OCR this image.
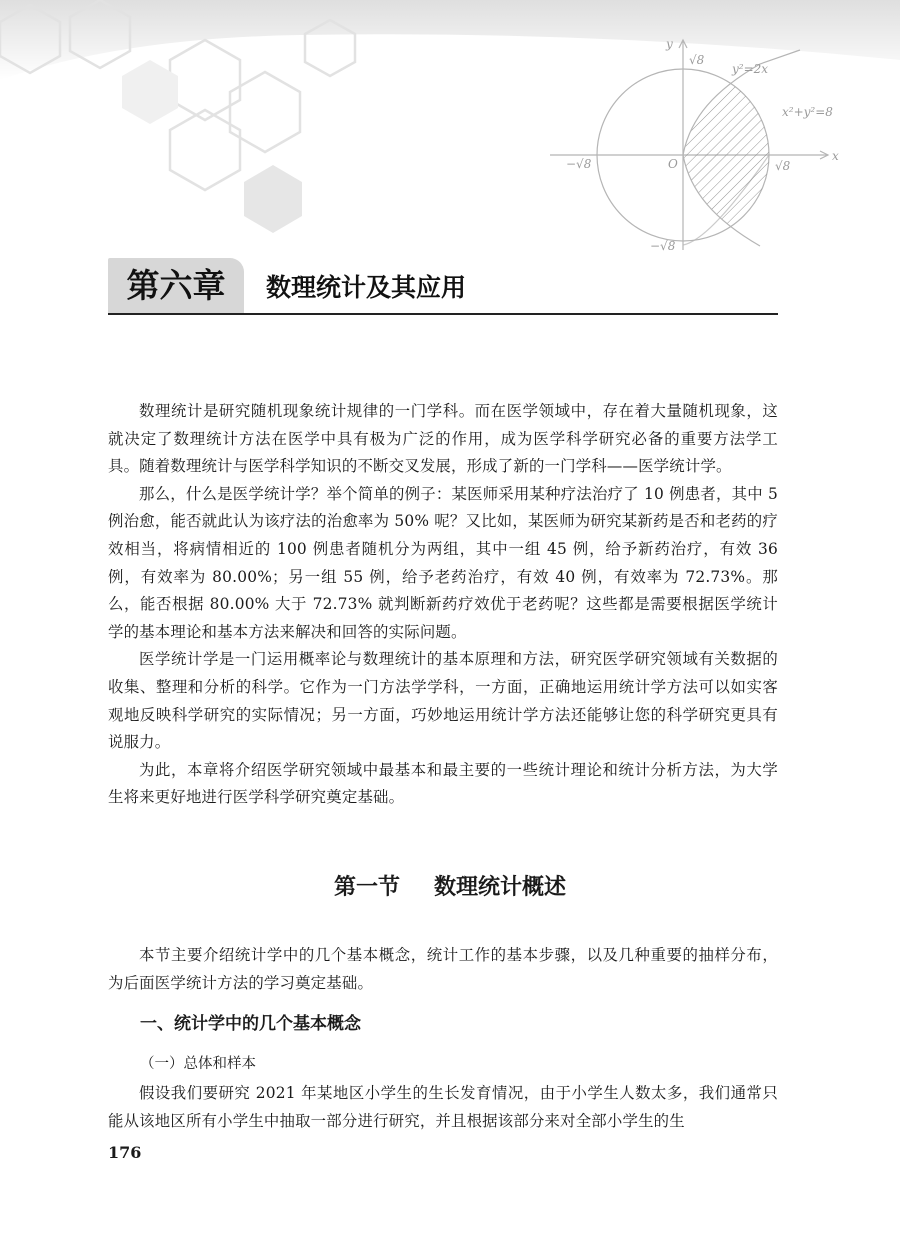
y
√8
y²=2x
x²+y²=8
−√8	O	√8
x
−√8
第六章	数理统计及其应用

数理统计是研究随机现象统计规律的一门学科。而在医学领域中，存在着大量随机现象，这就决定了数理统计方法在医学中具有极为广泛的作用，成为医学科学研究必备的重要方法学工具。随着数理统计与医学科学知识的不断交叉发展，形成了新的一门学科——医学统计学。

那么，什么是医学统计学？举个简单的例子：某医师采用某种疗法治疗了 10 例患者，其中 5 例治愈，能否就此认为该疗法的治愈率为 50% 呢？又比如，某医师为研究某新药是否和老药的疗效相当，将病情相近的 100 例患者随机分为两组，其中一组 45 例，给予新药治疗，有效 36 例，有效率为 80.00%；另一组 55 例，给予老药治疗，有效 40 例，有效率为 72.73%。那么，能否根据 80.00% 大于 72.73% 就判断新药疗效优于老药呢？这些都是需要根据医学统计学的基本理论和基本方法来解决和回答的实际问题。

医学统计学是一门运用概率论与数理统计的基本原理和方法，研究医学研究领域有关数据的收集、整理和分析的科学。它作为一门方法学学科，一方面，正确地运用统计学方法可以如实客观地反映科学研究的实际情况；另一方面，巧妙地运用统计学方法还能够让您的科学研究更具有说服力。

为此，本章将介绍医学研究领域中最基本和最主要的一些统计理论和统计分析方法，为大学生将来更好地进行医学科学研究奠定基础。

第一节 数理统计概述

本节主要介绍统计学中的几个基本概念，统计工作的基本步骤，以及几种重要的抽样分布，为后面医学统计方法的学习奠定基础。

一、统计学中的几个基本概念
（一）总体和样本

假设我们要研究 2021 年某地区小学生的生长发育情况，由于小学生人数太多，我们通常只能从该地区所有小学生中抽取一部分进行研究，并且根据该部分来对全部小学生的生

176
